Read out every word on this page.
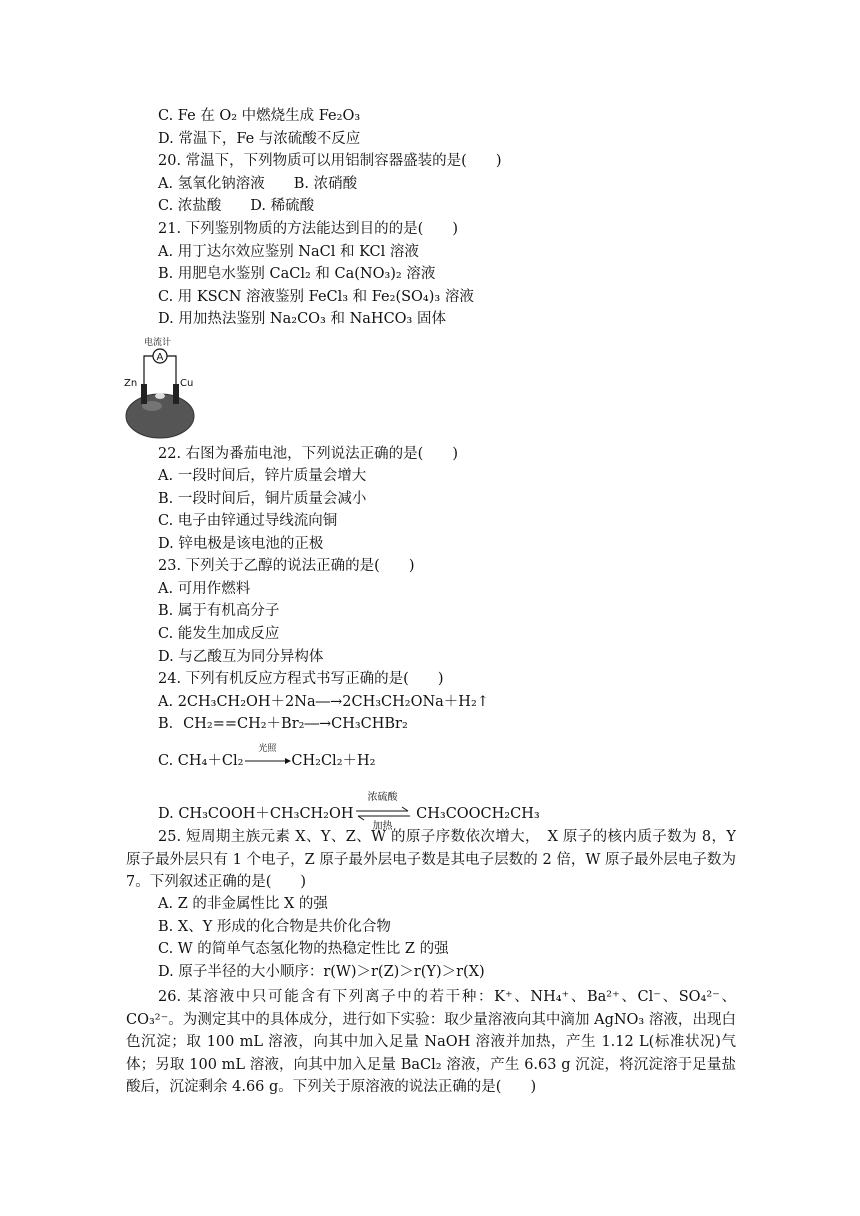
C. Fe 在 O₂ 中燃烧生成 Fe₂O₃
D. 常温下，Fe 与浓硫酸不反应
20. 常温下，下列物质可以用铝制容器盛装的是(　　)
A. 氢氧化钠溶液　　B. 浓硝酸
C. 浓盐酸　　D. 稀硫酸
21. 下列鉴别物质的方法能达到目的的是(　　)
A. 用丁达尔效应鉴别 NaCl 和 KCl 溶液
B. 用肥皂水鉴别 CaCl₂ 和 Ca(NO₃)₂ 溶液
C. 用 KSCN 溶液鉴别 FeCl₃ 和 Fe₂(SO₄)₃ 溶液
D. 用加热法鉴别 Na₂CO₃ 和 NaHCO₃ 固体
电流计
A
Zn	Cu
22. 右图为番茄电池，下列说法正确的是(　　)
A. 一段时间后，锌片质量会增大
B. 一段时间后，铜片质量会减小
C. 电子由锌通过导线流向铜
D. 锌电极是该电池的正极
23. 下列关于乙醇的说法正确的是(　　)
A. 可用作燃料
B. 属于有机高分子
C. 能发生加成反应
D. 与乙酸互为同分异构体
24. 下列有机反应方程式书写正确的是(　　)
A. 2CH₃CH₂OH＋2Na―→2CH₃CH₂ONa＋H₂↑
B．CH₂==CH₂＋Br₂―→CH₃CHBr₂
C. CH₄＋Cl₂
光照
CH₂Cl₂＋H₂
D. CH₃COOH＋CH₃CH₂OH
浓硫酸
加热
CH₃COOCH₂CH₃
25. 短周期主族元素 X、Y、Z、W 的原子序数依次增大，　X 原子的核内质子数为 8，Y 原子最外层只有 1 个电子，Z 原子最外层电子数是其电子层数的 2 倍，W 原子最外层电子数为 7。下列叙述正确的是(　　)
A. Z 的非金属性比 X 的强
B. X、Y 形成的化合物是共价化合物
C. W 的简单气态氢化物的热稳定性比 Z 的强
D. 原子半径的大小顺序：r(W)＞r(Z)＞r(Y)＞r(X)
26. 某溶液中只可能含有下列离子中的若干种：K⁺、NH₄⁺、Ba²⁺、Cl⁻、SO₄²⁻、CO₃²⁻。为测定其中的具体成分，进行如下实验：取少量溶液向其中滴加 AgNO₃ 溶液，出现白色沉淀；取 100 mL 溶液，向其中加入足量 NaOH 溶液并加热，产生 1.12 L(标准状况)气体；另取 100 mL 溶液，向其中加入足量 BaCl₂ 溶液，产生 6.63 g 沉淀，将沉淀溶于足量盐酸后，沉淀剩余 4.66 g。下列关于原溶液的说法正确的是(　　)
